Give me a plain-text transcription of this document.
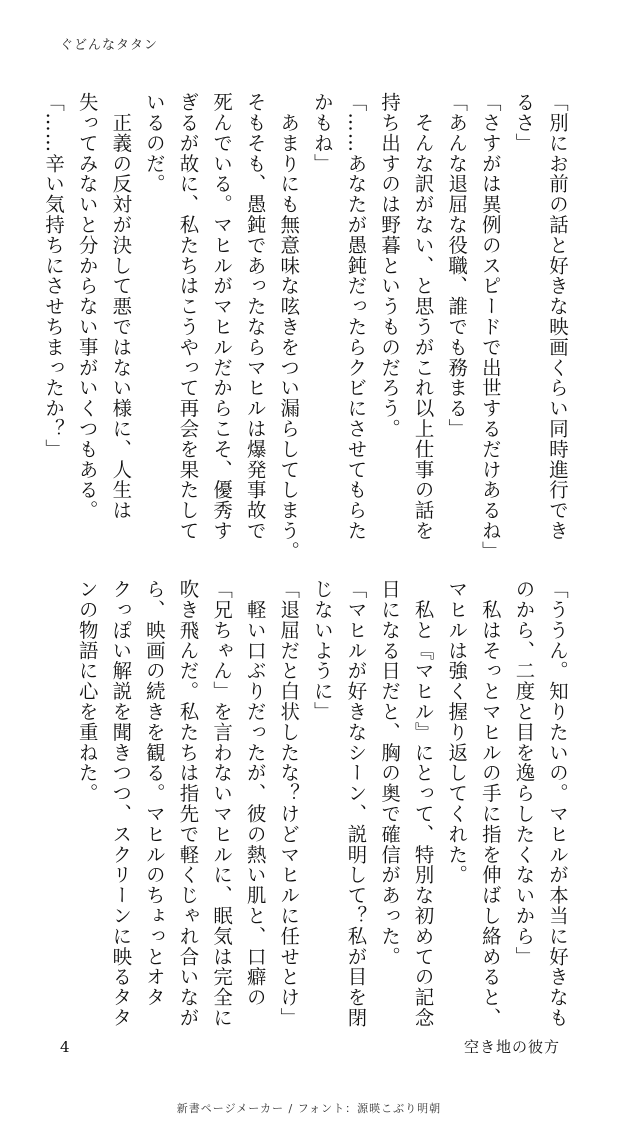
ぐどんなタタン
「別にお前の話と好きな映画くらい同時進行でき
るさ」
「さすがは異例のスピードで出世するだけあるね」
「あんな退屈な役職、誰でも務まる」
　そんな訳がない、と思うがこれ以上仕事の話を
持ち出すのは野暮というものだろう。
「……あなたが愚鈍だったらクビにさせてもらた
かもね」
　あまりにも無意味な呟きをつい漏らしてしまう。
そもそも、愚鈍であったならマヒルは爆発事故で
死んでいる。マヒルがマヒルだからこそ、優秀す
ぎるが故に、私たちはこうやって再会を果たして
いるのだ。
　正義の反対が決して悪ではない様に、人生は
失ってみないと分からない事がいくつもある。
「……辛い気持ちにさせちまったか？」
「ううん。知りたいの。マヒルが本当に好きなも
のから、二度と目を逸らしたくないから」
　私はそっとマヒルの手に指を伸ばし絡めると、
マヒルは強く握り返してくれた。
　私と『マヒル』にとって、特別な初めての記念
日になる日だと、胸の奥で確信があった。
「マヒルが好きなシーン、説明して？私が目を閉
じないように」
「退屈だと白状したな？けどマヒルに任せとけ」
　軽い口ぶりだったが、彼の熱い肌と、口癖の
「兄ちゃん」を言わないマヒルに、眠気は完全に
吹き飛んだ。私たちは指先で軽くじゃれ合いなが
ら、映画の続きを観る。マヒルのちょっとオタ
クっぽい解説を聞きつつ、スクリーンに映るタタ
ンの物語に心を重ねた。
4	空き地の彼方
新書ページメーカー / フォント：源暎こぶり明朝
